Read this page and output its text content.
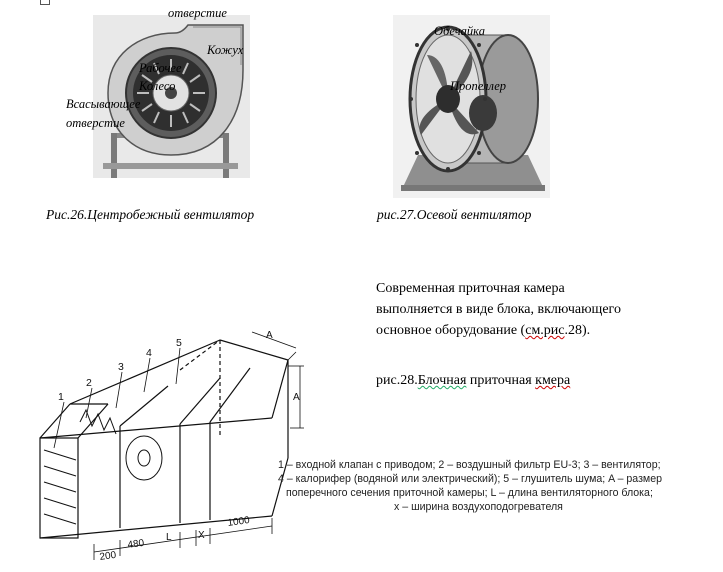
отверстие
Кожух
Рабочее
Колесо
Всасывающее
отверстие
Рис.26.Центробежный вентилятор
Обечайка
Пропеллер
рис.27.Осевой вентилятор
Современная приточная камера
выполняется в виде блока, включающего
основное оборудование (см.рис.28).
рис.28.Блочная приточная кмера
1
2
3
4
5
A
A
200
480
L	X
1000
1 – входной клапан с приводом; 2 – воздушный фильтр EU-3; 3 – вентилятор;
4 – калорифер (водяной или электрический); 5 – глушитель шума; A – размер
поперечного сечения приточной камеры; L – длина вентиляторного блока;
x – ширина воздухоподогревателя
